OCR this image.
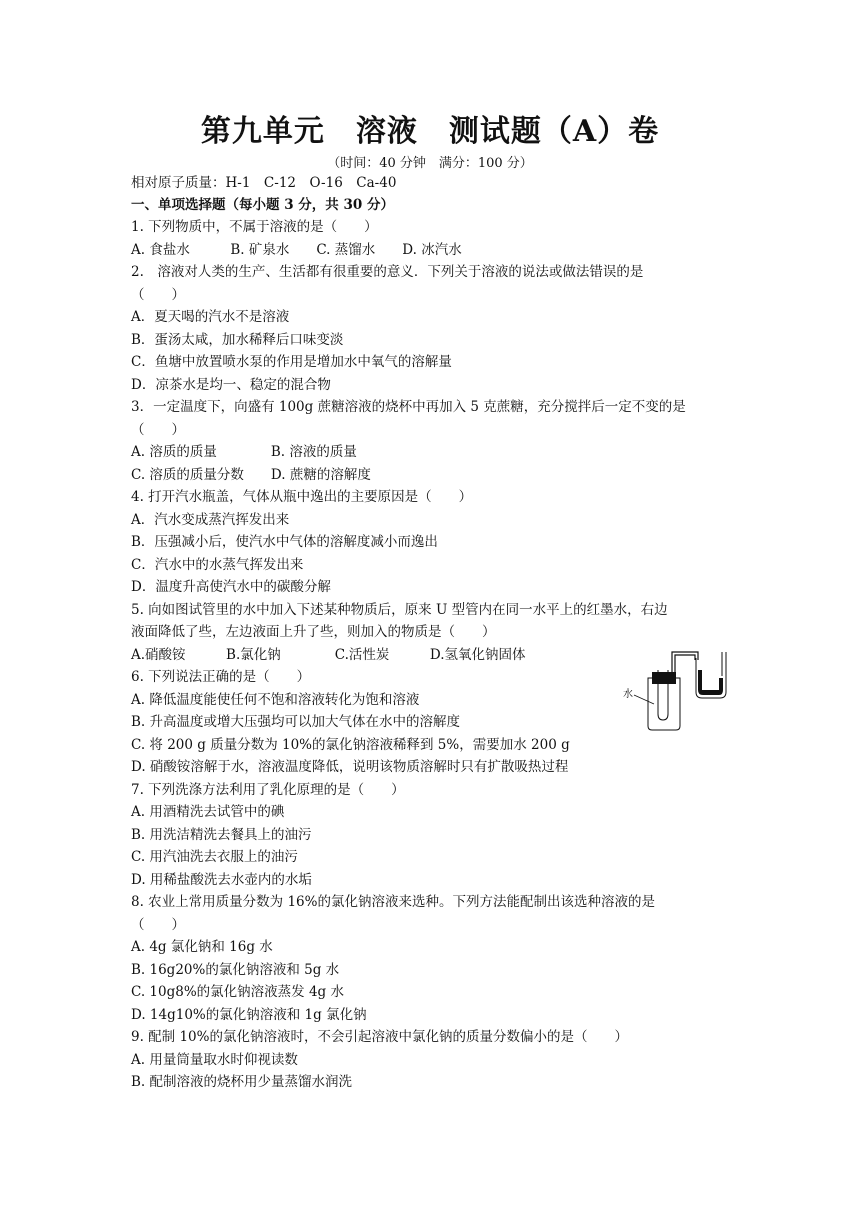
第九单元　溶液　测试题（A）卷
（时间：40 分钟　满分：100 分）
相对原子质量：H-1　C-12　O-16　Ca-40
一、单项选择题（每小题 3 分，共 30 分）
1. 下列物质中，不属于溶液的是（　　）
A. 食盐水　　　B. 矿泉水　　C. 蒸馏水　　D. 冰汽水
2.　溶液对人类的生产、生活都有很重要的意义．下列关于溶液的说法或做法错误的是
（　　）
A．夏天喝的汽水不是溶液
B．蛋汤太咸，加水稀释后口味变淡
C．鱼塘中放置喷水泵的作用是增加水中氧气的溶解量
D．凉茶水是均一、稳定的混合物
3．一定温度下，向盛有 100g 蔗糖溶液的烧杯中再加入 5 克蔗糖，充分搅拌后一定不变的是
（　　）
A. 溶质的质量　　　　B. 溶液的质量
C. 溶质的质量分数　　D. 蔗糖的溶解度
4. 打开汽水瓶盖，气体从瓶中逸出的主要原因是（　　）
A．汽水变成蒸汽挥发出来
B．压强减小后，使汽水中气体的溶解度减小而逸出
C．汽水中的水蒸气挥发出来
D．温度升高使汽水中的碳酸分解
5. 向如图试管里的水中加入下述某种物质后，原来 U 型管内在同一水平上的红墨水，右边
液面降低了些，左边液面上升了些，则加入的物质是（　　）
A.硝酸铵　　　B.氯化钠　　　　C.活性炭　　　D.氢氧化钠固体
6. 下列说法正确的是（　　）
A. 降低温度能使任何不饱和溶液转化为饱和溶液
B. 升高温度或增大压强均可以加大气体在水中的溶解度
C. 将 200 g 质量分数为 10%的氯化钠溶液稀释到 5%，需要加水 200 g
D. 硝酸铵溶解于水，溶液温度降低，说明该物质溶解时只有扩散吸热过程
7. 下列洗涤方法利用了乳化原理的是（　　）
A. 用酒精洗去试管中的碘
B. 用洗洁精洗去餐具上的油污
C. 用汽油洗去衣服上的油污
D. 用稀盐酸洗去水壶内的水垢
8. 农业上常用质量分数为 16%的氯化钠溶液来选种。下列方法能配制出该选种溶液的是
（　　）
A. 4g 氯化钠和 16g 水
B. 16g20%的氯化钠溶液和 5g 水
C. 10g8%的氯化钠溶液蒸发 4g 水
D. 14g10%的氯化钠溶液和 1g 氯化钠
9. 配制 10%的氯化钠溶液时，不会引起溶液中氯化钠的质量分数偏小的是（　　）
A. 用量筒量取水时仰视读数
B. 配制溶液的烧杯用少量蒸馏水润洗
水
